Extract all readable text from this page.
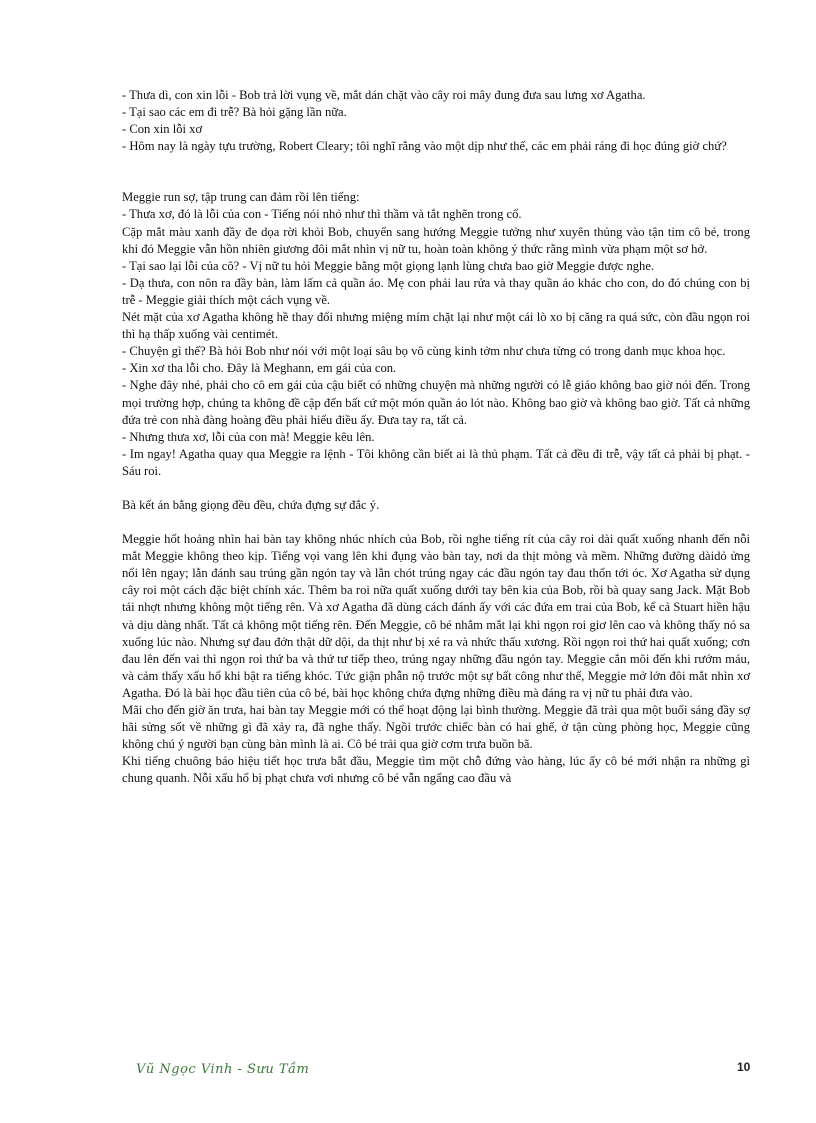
- Thưa dì, con xin lỗi - Bob trả lời vụng về, mắt dán chặt vào cây roi mây đung đưa sau lưng xơ Agatha.

- Tại sao các em đi trễ? Bà hỏi gặng lần nữa.

- Con xin lỗi xơ

- Hôm nay là ngày tựu trường, Robert Cleary; tôi nghĩ rằng vào một dịp như thế, các em phải ráng đi học đúng giờ chứ?

Meggie run sợ, tập trung can đảm rồi lên tiếng:

- Thưa xơ, đó là lỗi của con - Tiếng nói nhỏ như thì thầm và tắt nghẽn trong cổ.

Cặp mắt màu xanh đầy đe dọa rời khỏi Bob, chuyển sang hướng Meggie tưởng như xuyên thủng vào tận tim cô bé, trong khi đó Meggie vẫn hồn nhiên giương đôi mắt nhìn vị nữ tu, hoàn toàn không ý thức rằng mình vừa phạm một sơ hở.

- Tại sao lại lỗi của cô? - Vị nữ tu hỏi Meggie bằng một giọng lạnh lùng chưa bao giờ Meggie được nghe.

- Dạ thưa, con nôn ra đầy bàn, làm lấm cả quần áo. Mẹ con phải lau rửa và thay quần áo khác cho con, do đó chúng con bị trễ - Meggie giải thích một cách vụng về.

Nét mặt của xơ Agatha không hề thay đổi nhưng miệng mím chặt lại như một cái lò xo bị căng ra quá sức, còn đầu ngọn roi thì hạ thấp xuống vài centimét.

- Chuyện gì thế? Bà hỏi Bob như nói với một loại sâu bọ vô cùng kinh tởm như chưa từng có trong danh mục khoa học.

- Xin xơ tha lỗi cho. Đây là Meghann, em gái của con.

- Nghe đây nhé, phải cho cô em gái của cậu biết có những chuyện mà những người có lễ giáo không bao giờ nói đến. Trong mọi trường hợp, chúng ta không đề cập đến bất cứ một món quần áo lót nào. Không bao giờ và không bao giờ. Tất cả những đứa trẻ con nhà đàng hoàng đều phải hiểu điều ấy. Đưa tay ra, tất cả.

- Nhưng thưa xơ, lỗi của con mà! Meggie kêu lên.

- Im ngay! Agatha quay qua Meggie ra lệnh - Tôi không cần biết ai là thủ phạm. Tất cả đều đi trễ, vậy tất cả phải bị phạt. - Sáu roi.

Bà kết án bằng giọng đều đều, chứa đựng sự đắc ý.

Meggie hốt hoảng nhìn hai bàn tay không nhúc nhích của Bob, rồi nghe tiếng rít của cây roi dài quất xuống nhanh đến nỗi mắt Meggie không theo kịp. Tiếng vọi vang lên khi đụng vào bàn tay, nơi da thịt mỏng và mềm. Những đường dàidỏ ửng nổi lên ngay; lằn đánh sau trúng gần ngón tay và lằn chót trúng ngay các đầu ngón tay đau thốn tới óc. Xơ Agatha sử dụng cây roi một cách đặc biệt chính xác. Thêm ba roi nữa quất xuống dưới tay bên kia của Bob, rồi bà quay sang Jack. Mặt Bob tái nhợt nhưng không một tiếng rên. Và xơ Agatha đã dùng cách đánh ấy với các đứa em trai của Bob, kể cả Stuart hiền hậu và dịu dàng nhất. Tất cả không một tiếng rên. Đến Meggie, cô bé nhắm mắt lại khi ngọn roi giơ lên cao và không thấy nó sa xuống lúc nào. Nhưng sự đau đớn thật dữ dội, da thịt như bị xé ra và nhức thấu xương. Rồi ngọn roi thứ hai quất xuống; cơn đau lên đến vai thì ngọn roi thứ ba và thứ tư tiếp theo, trúng ngay những đầu ngón tay. Meggie cắn môi đến khi rướm máu, và cảm thấy xấu hổ khi bật ra tiếng khóc. Tức giận phẫn nộ trước một sự bất công như thế, Meggie mở lớn đôi mắt nhìn xơ Agatha. Đó là bài học đầu tiên của cô bé, bài học không chứa đựng những điều mà đáng ra vị nữ tu phải đưa vào.

Mãi cho đến giờ ăn trưa, hai bàn tay Meggie mới có thể hoạt động lại bình thường. Meggie đã trải qua một buổi sáng đầy sợ hãi sửng sốt về những gì đã xảy ra, đã nghe thấy. Ngồi trước chiếc bàn có hai ghế, ở tận cùng phòng học, Meggie cũng không chú ý người bạn cùng bàn mình là ai. Cô bé trải qua giờ cơm trưa buồn bã.

Khi tiếng chuông báo hiệu tiết học trưa bắt đầu, Meggie tìm một chỗ đứng vào hàng, lúc ấy cô bé mới nhận ra những gì chung quanh. Nỗi xấu hổ bị phạt chưa vơi nhưng cô bé vẫn ngẩng cao đầu và

Vũ Ngọc Vinh - Sưu Tầm	10
